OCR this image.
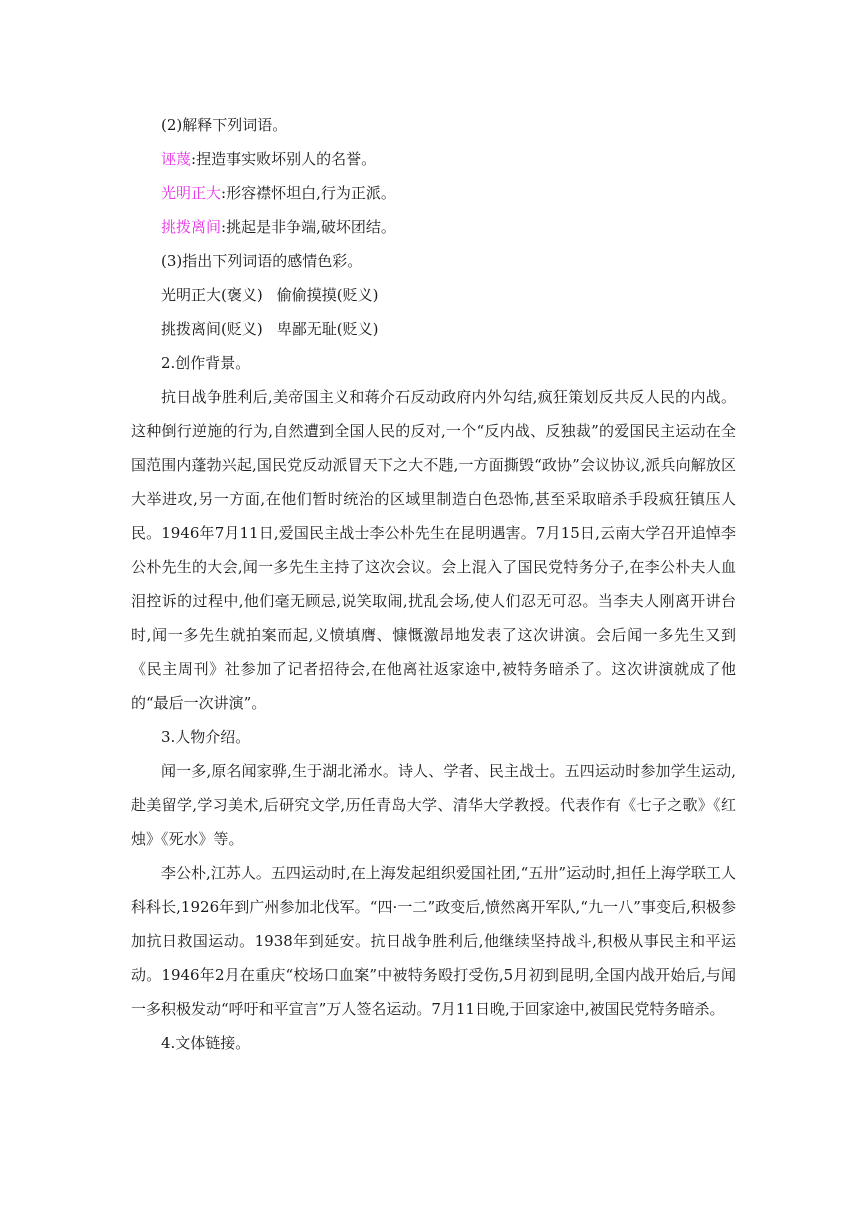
(2)解释下列词语。

诬蔑:捏造事实败坏别人的名誉。

光明正大:形容襟怀坦白,行为正派。

挑拨离间:挑起是非争端,破坏团结。

(3)指出下列词语的感情色彩。

光明正大(褒义) 偷偷摸摸(贬义)

挑拨离间(贬义) 卑鄙无耻(贬义)

2.创作背景。

抗日战争胜利后,美帝国主义和蒋介石反动政府内外勾结,疯狂策划反共反人民的内战。这种倒行逆施的行为,自然遭到全国人民的反对,一个“反内战、反独裁”的爱国民主运动在全国范围内蓬勃兴起,国民党反动派冒天下之大不韪,一方面撕毁“政协”会议协议,派兵向解放区大举进攻,另一方面,在他们暂时统治的区域里制造白色恐怖,甚至采取暗杀手段疯狂镇压人民。1946年7月11日,爱国民主战士李公朴先生在昆明遇害。7月15日,云南大学召开追悼李公朴先生的大会,闻一多先生主持了这次会议。会上混入了国民党特务分子,在李公朴夫人血泪控诉的过程中,他们毫无顾忌,说笑取闹,扰乱会场,使人们忍无可忍。当李夫人刚离开讲台时,闻一多先生就拍案而起,义愤填膺、慷慨激昂地发表了这次讲演。会后闻一多先生又到《民主周刊》社参加了记者招待会,在他离社返家途中,被特务暗杀了。这次讲演就成了他的“最后一次讲演”。

3.人物介绍。

闻一多,原名闻家骅,生于湖北浠水。诗人、学者、民主战士。五四运动时参加学生运动,赴美留学,学习美术,后研究文学,历任青岛大学、清华大学教授。代表作有《七子之歌》《红烛》《死水》等。

李公朴,江苏人。五四运动时,在上海发起组织爱国社团,“五卅”运动时,担任上海学联工人科科长,1926年到广州参加北伐军。“四·一二”政变后,愤然离开军队,“九一八”事变后,积极参加抗日救国运动。1938年到延安。抗日战争胜利后,他继续坚持战斗,积极从事民主和平运动。1946年2月在重庆“校场口血案”中被特务殴打受伤,5月初到昆明,全国内战开始后,与闻一多积极发动“呼吁和平宣言”万人签名运动。7月11日晚,于回家途中,被国民党特务暗杀。

4.文体链接。
